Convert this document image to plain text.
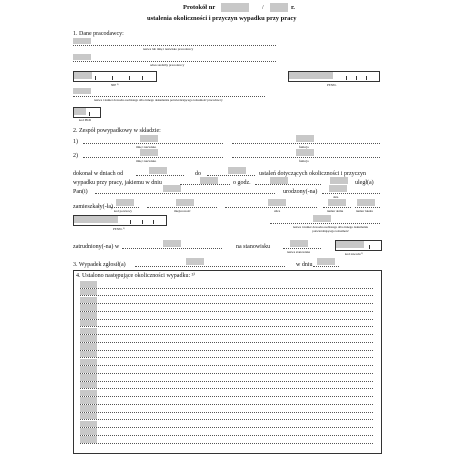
Protokół nr	/	r.
ustalenia okoliczności i przyczyn wypadku przy pracy
1. Dane pracodawcy:
nazwa lub imię i nazwisko pracodawcy
adres siedziby pracodawcy
NIP ¹⁾	PESEL
nazwa i numer dowodu osobistego albo innego dokumentu potwierdzającego tożsamość pracodawcy
kod PKD
2. Zespół powypadkowy w składzie:
1)
imię i nazwisko	funkcja
2)
imię i nazwisko	funkcja
dokonał w dniach od	do	ustaleń dotyczących okoliczności i przyczyn
wypadku przy pracy, jakiemu w dniu	o godz.	uległ(a)
Pan(i)	urodzony(-na)
data
zamieszkały(-ła)
kod pocztowy	miejscowość	ulica	numer domu	numer lokalu
PESEL ¹⁾	nazwa i numer dowodu osobistego albo innego dokumentu potwierdzającego tożsamość
zatrudniony(-na) w	na stanowisku
nazwa stanowiska	kod zawodu ²⁾
3. Wypadek zgłosił(a)	w dniu
4. Ustalono następujące okoliczności wypadku: ³⁾
